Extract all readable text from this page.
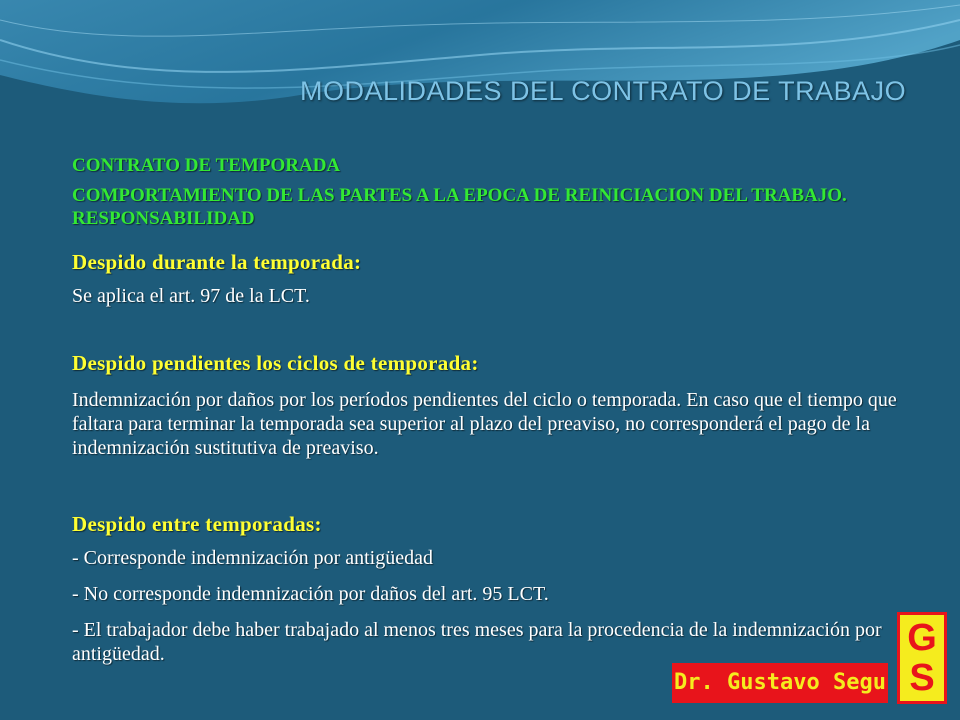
MODALIDADES DEL CONTRATO DE TRABAJO

CONTRATO DE TEMPORADA

COMPORTAMIENTO DE LAS PARTES A LA EPOCA DE REINICIACION DEL TRABAJO. RESPONSABILIDAD

Despido durante la temporada:

Se aplica el art. 97 de la LCT.

Despido pendientes los ciclos de temporada:

Indemnización por daños por los períodos pendientes del ciclo o temporada. En caso que el tiempo que faltara para terminar la temporada sea superior al plazo del preaviso, no corresponderá el pago de la indemnización sustitutiva de preaviso.

Despido entre temporadas:

- Corresponde indemnización por antigüedad

- No corresponde indemnización por daños del art. 95 LCT.

- El trabajador debe haber trabajado al menos tres meses para la procedencia de la indemnización por antigüedad.

Dr. Gustavo Segu
G
S
